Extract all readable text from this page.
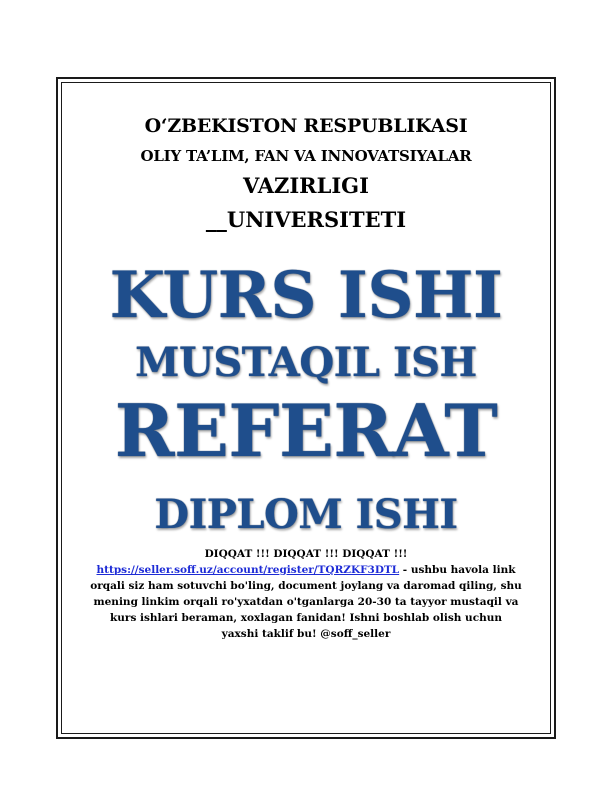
O‘ZBEKISTON RESPUBLIKASI
OLIY TA’LIM, FAN VA INNOVATSIYALAR
VAZIRLIGI
__UNIVERSITETI
KURS ISHI
MUSTAQIL ISH
REFERAT
DIPLOM ISHI
DIQQAT !!! DIQQAT !!! DIQQAT !!!
https://seller.soff.uz/account/register/TQRZKF3DTL - ushbu havola link orqali siz ham sotuvchi bo'ling, document joylang va daromad qiling, shu mening linkim orqali ro'yxatdan o'tganlarga 20-30 ta tayyor mustaqil va kurs ishlari beraman, xoxlagan fanidan! Ishni boshlab olish uchun yaxshi taklif bu! @soff_seller
